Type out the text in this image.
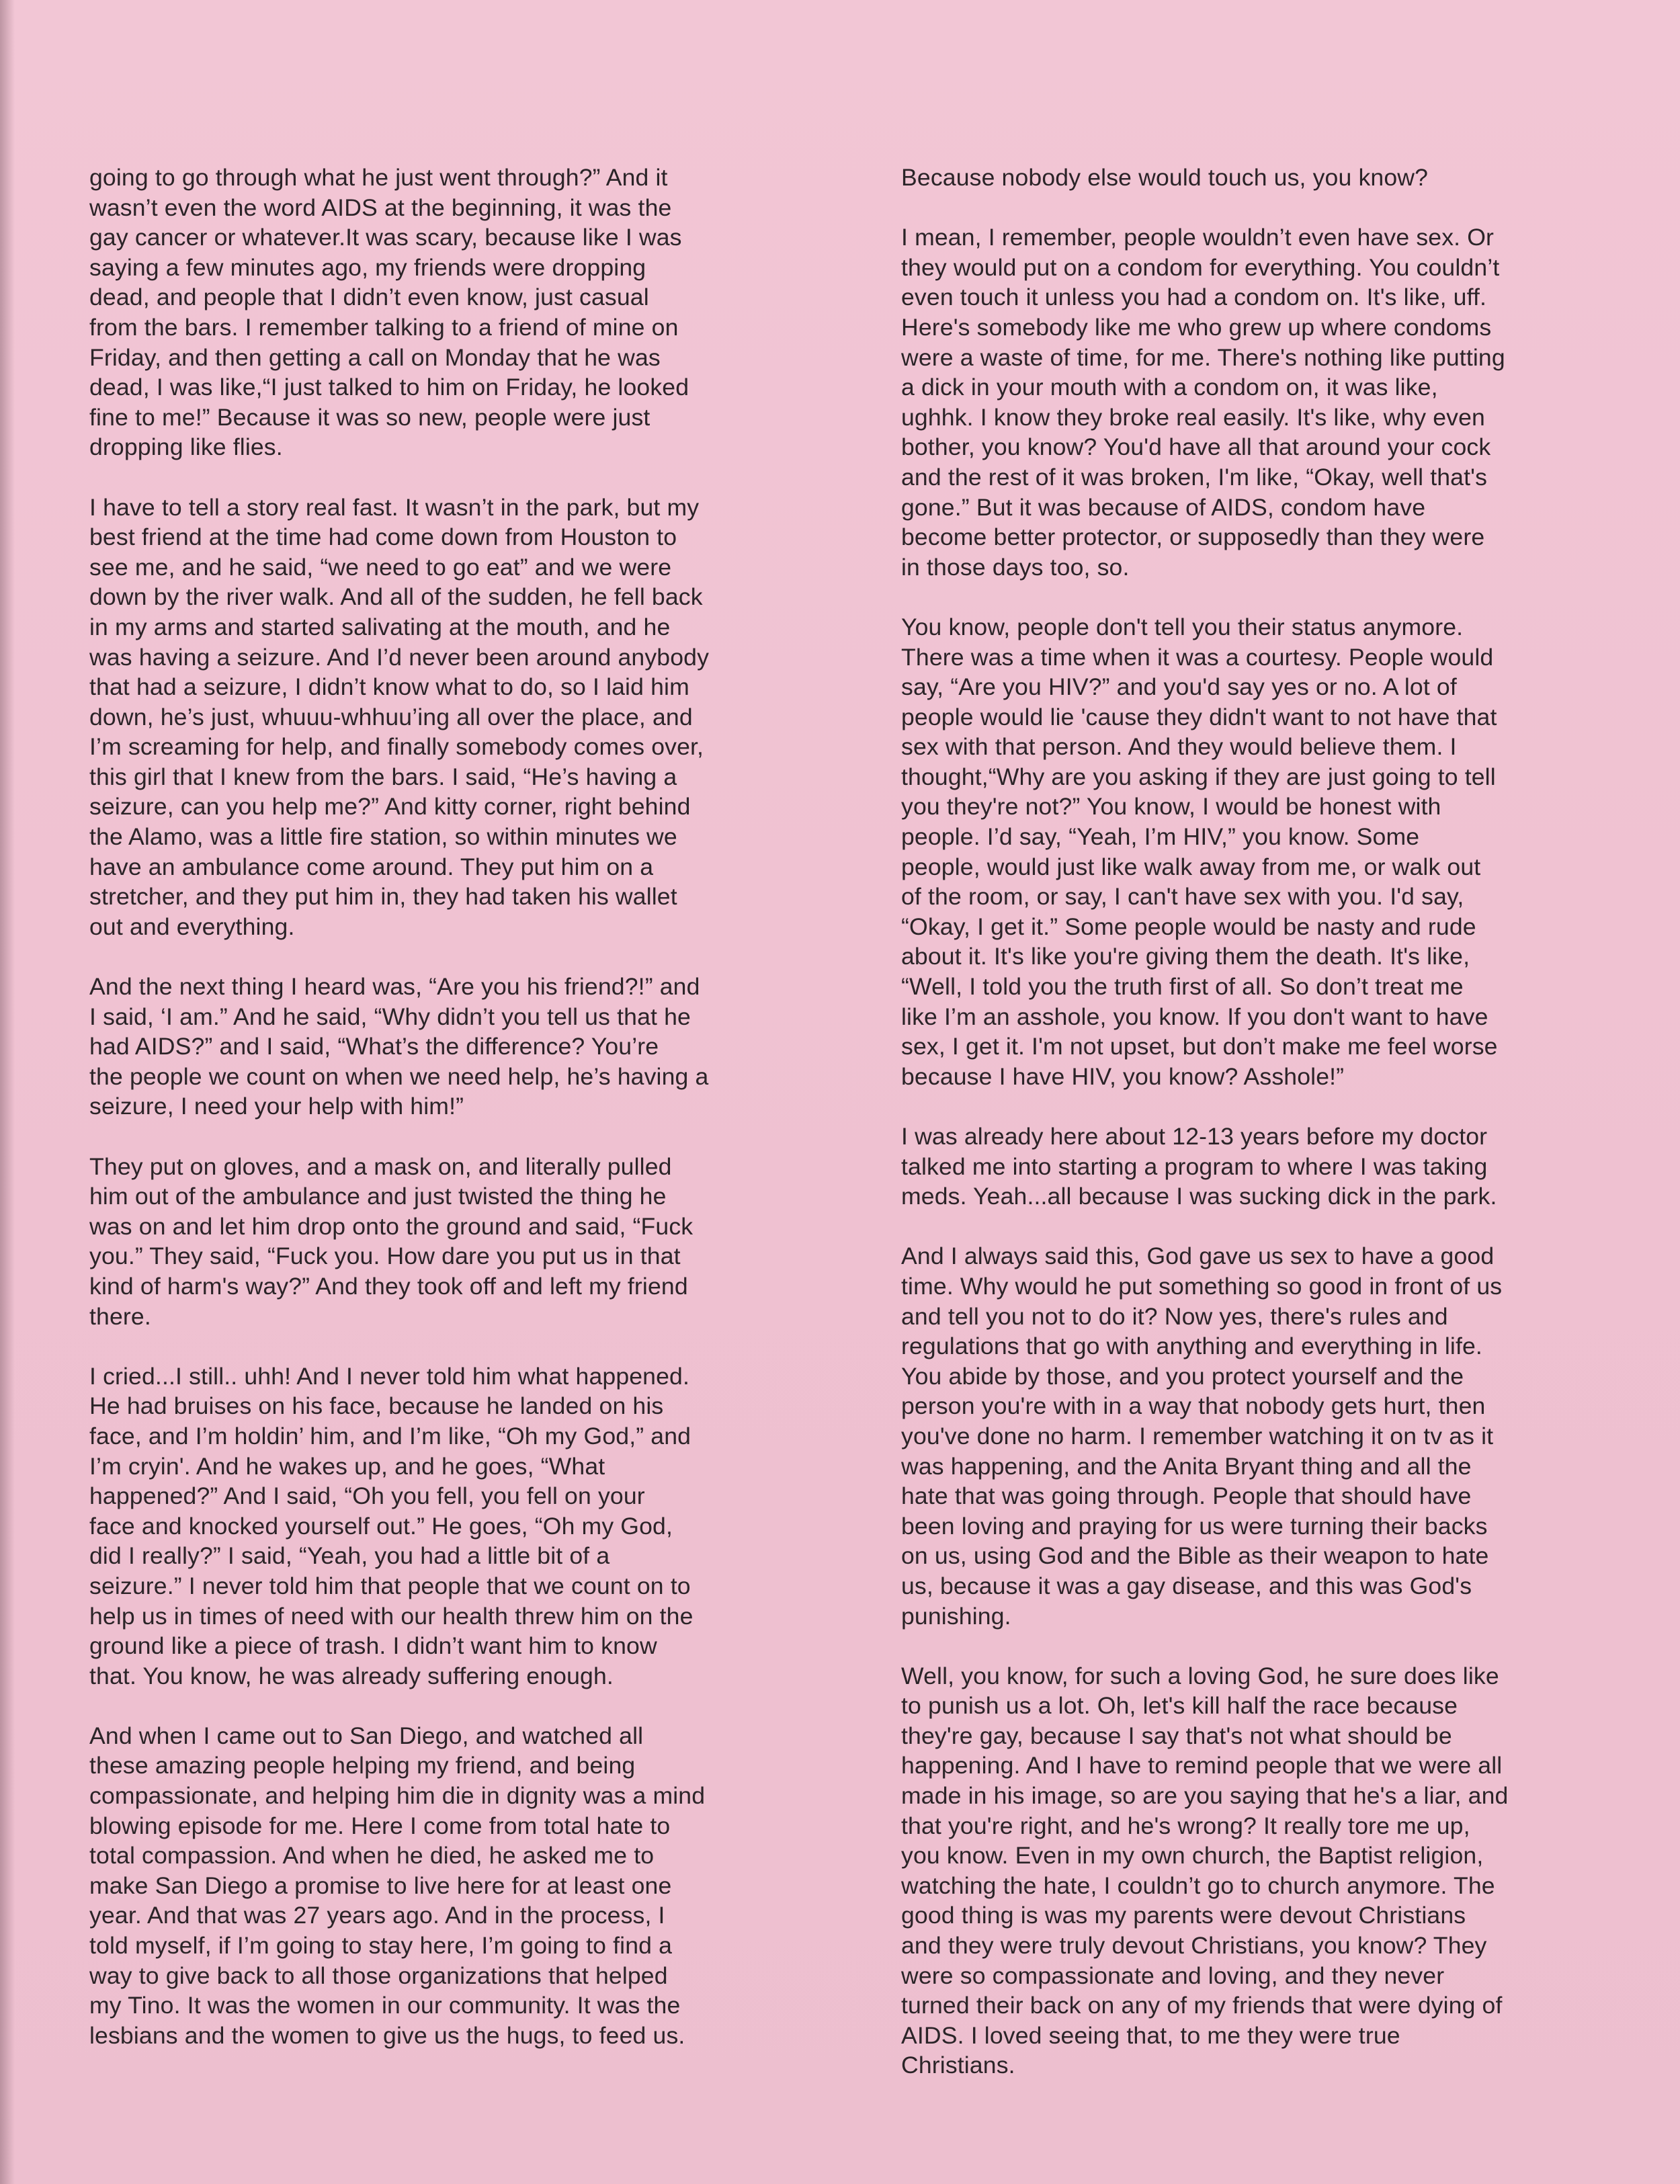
going to go through what he just went through?” And it
wasn’t even the word AIDS at the beginning, it was the
gay cancer or whatever.It was scary, because like I was
saying a few minutes ago, my friends were dropping
dead, and people that I didn’t even know, just casual
from the bars. I remember talking to a friend of mine on
Friday, and then getting a call on Monday that he was
dead, I was like,“I just talked to him on Friday, he looked
fine to me!” Because it was so new, people were just
dropping like flies.

I have to tell a story real fast. It wasn’t in the park, but my
best friend at the time had come down from Houston to
see me, and he said, “we need to go eat” and we were
down by the river walk. And all of the sudden, he fell back
in my arms and started salivating at the mouth, and he
was having a seizure. And I’d never been around anybody
that had a seizure, I didn’t know what to do, so I laid him
down, he’s just, whuuu-whhuu’ing all over the place, and
I’m screaming for help, and finally somebody comes over,
this girl that I knew from the bars. I said, “He’s having a
seizure, can you help me?” And kitty corner, right behind
the Alamo, was a little fire station, so within minutes we
have an ambulance come around. They put him on a
stretcher, and they put him in, they had taken his wallet
out and everything.

And the next thing I heard was, “Are you his friend?!” and
I said, ‘I am.” And he said, “Why didn’t you tell us that he
had AIDS?” and I said, “What’s the difference? You’re
the people we count on when we need help, he’s having a
seizure, I need your help with him!”

They put on gloves, and a mask on, and literally pulled
him out of the ambulance and just twisted the thing he
was on and let him drop onto the ground and said, “Fuck
you.” They said, “Fuck you. How dare you put us in that
kind of harm's way?” And they took off and left my friend
there.

I cried...I still.. uhh! And I never told him what happened.
He had bruises on his face, because he landed on his
face, and I’m holdin’ him, and I’m like, “Oh my God,” and
I’m cryin'. And he wakes up, and he goes, “What
happened?” And I said, “Oh you fell, you fell on your
face and knocked yourself out.” He goes, “Oh my God,
did I really?” I said, “Yeah, you had a little bit of a
seizure.” I never told him that people that we count on to
help us in times of need with our health threw him on the
ground like a piece of trash. I didn’t want him to know
that. You know, he was already suffering enough.

And when I came out to San Diego, and watched all
these amazing people helping my friend, and being
compassionate, and helping him die in dignity was a mind
blowing episode for me. Here I come from total hate to
total compassion. And when he died, he asked me to
make San Diego a promise to live here for at least one
year. And that was 27 years ago. And in the process, I
told myself, if I’m going to stay here, I’m going to find a
way to give back to all those organizations that helped
my Tino. It was the women in our community. It was the
lesbians and the women to give us the hugs, to feed us.

Because nobody else would touch us, you know?

I mean, I remember, people wouldn’t even have sex. Or
they would put on a condom for everything. You couldn’t
even touch it unless you had a condom on. It's like, uff.
Here's somebody like me who grew up where condoms
were a waste of time, for me. There's nothing like putting
a dick in your mouth with a condom on, it was like,
ughhk. I know they broke real easily. It's like, why even
bother, you know? You'd have all that around your cock
and the rest of it was broken, I'm like, “Okay, well that's
gone.” But it was because of AIDS, condom have
become better protector, or supposedly than they were
in those days too, so.

You know, people don't tell you their status anymore.
There was a time when it was a courtesy. People would
say, “Are you HIV?” and you'd say yes or no. A lot of
people would lie 'cause they didn't want to not have that
sex with that person. And they would believe them. I
thought,“Why are you asking if they are just going to tell
you they're not?” You know, I would be honest with
people. I’d say, “Yeah, I’m HIV,” you know. Some
people, would just like walk away from me, or walk out
of the room, or say, I can't have sex with you. I'd say,
“Okay, I get it.” Some people would be nasty and rude
about it. It's like you're giving them the death. It's like,
“Well, I told you the truth first of all. So don’t treat me
like I’m an asshole, you know. If you don't want to have
sex, I get it. I'm not upset, but don’t make me feel worse
because I have HIV, you know? Asshole!”

I was already here about 12-13 years before my doctor
talked me into starting a program to where I was taking
meds. Yeah...all because I was sucking dick in the park.

And I always said this, God gave us sex to have a good
time. Why would he put something so good in front of us
and tell you not to do it? Now yes, there's rules and
regulations that go with anything and everything in life.
You abide by those, and you protect yourself and the
person you're with in a way that nobody gets hurt, then
you've done no harm. I remember watching it on tv as it
was happening, and the Anita Bryant thing and all the
hate that was going through. People that should have
been loving and praying for us were turning their backs
on us, using God and the Bible as their weapon to hate
us, because it was a gay disease, and this was God's
punishing.

Well, you know, for such a loving God, he sure does like
to punish us a lot. Oh, let's kill half the race because
they're gay, because I say that's not what should be
happening. And I have to remind people that we were all
made in his image, so are you saying that he's a liar, and
that you're right, and he's wrong? It really tore me up,
you know. Even in my own church, the Baptist religion,
watching the hate, I couldn’t go to church anymore. The
good thing is was my parents were devout Christians
and they were truly devout Christians, you know? They
were so compassionate and loving, and they never
turned their back on any of my friends that were dying of
AIDS. I loved seeing that, to me they were true
Christians.
